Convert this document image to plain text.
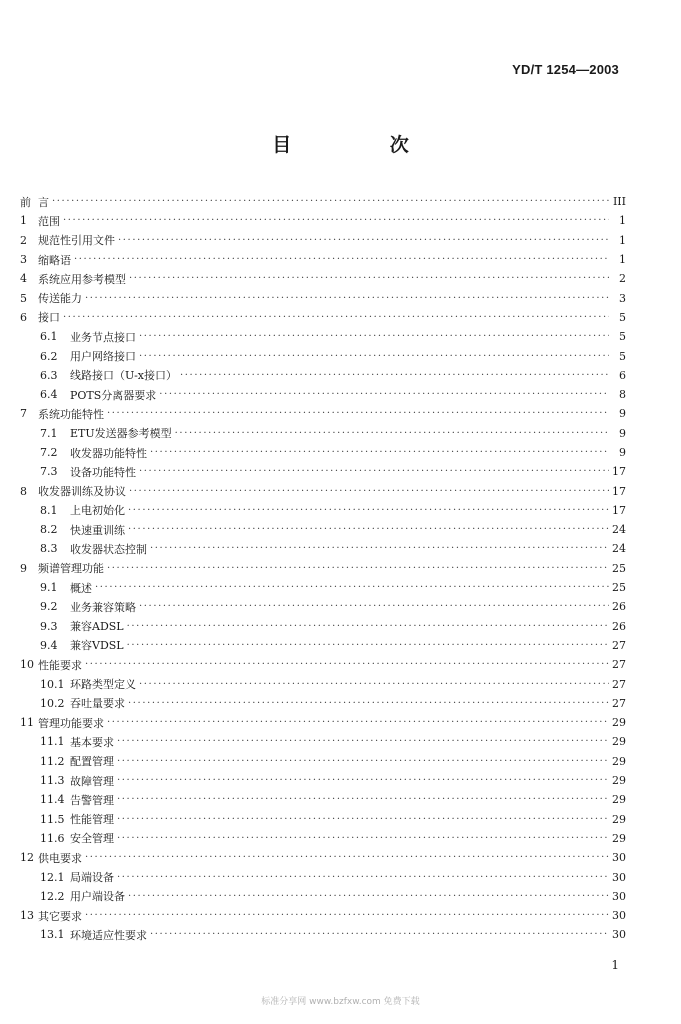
YD/T 1254—2003
目 次
前 言 ·····	III
1	范围 ·····	1
2	规范性引用文件 ·····	1
3	缩略语 ·····	1
4	系统应用参考模型 ·····	2
5	传送能力 ·····	3
6	接口 ·····	5
6.1	业务节点接口 ·····	5
6.2	用户网络接口 ·····	5
6.3	线路接口（U-x接口） ·····	6
6.4	POTS分离器要求 ·····	8
7	系统功能特性 ·····	9
7.1	ETU发送器参考模型 ·····	9
7.2	收发器功能特性 ·····	9
7.3	设备功能特性 ·····	17
8	收发器训练及协议 ·····	17
8.1	上电初始化 ·····	17
8.2	快速重训练 ·····	24
8.3	收发器状态控制 ·····	24
9	频谱管理功能 ·····	25
9.1	概述 ·····	25
9.2	业务兼容策略 ·····	26
9.3	兼容ADSL ·····	26
9.4	兼容VDSL ·····	27
10 性能要求 ·····	27
10.1 环路类型定义 ·····	27
10.2 吞吐量要求 ·····	27
11 管理功能要求 ·····	29
11.1 基本要求 ·····	29
11.2 配置管理 ·····	29
11.3 故障管理 ·····	29
11.4 告警管理 ·····	29
11.5 性能管理 ·····	29
11.6 安全管理 ·····	29
12 供电要求 ·····	30
12.1 局端设备 ·····	30
12.2 用户端设备 ·····	30
13 其它要求 ·····	30
13.1 环境适应性要求 ·····	30
1
标准分享网 www.bzfxw.com 免费下载
